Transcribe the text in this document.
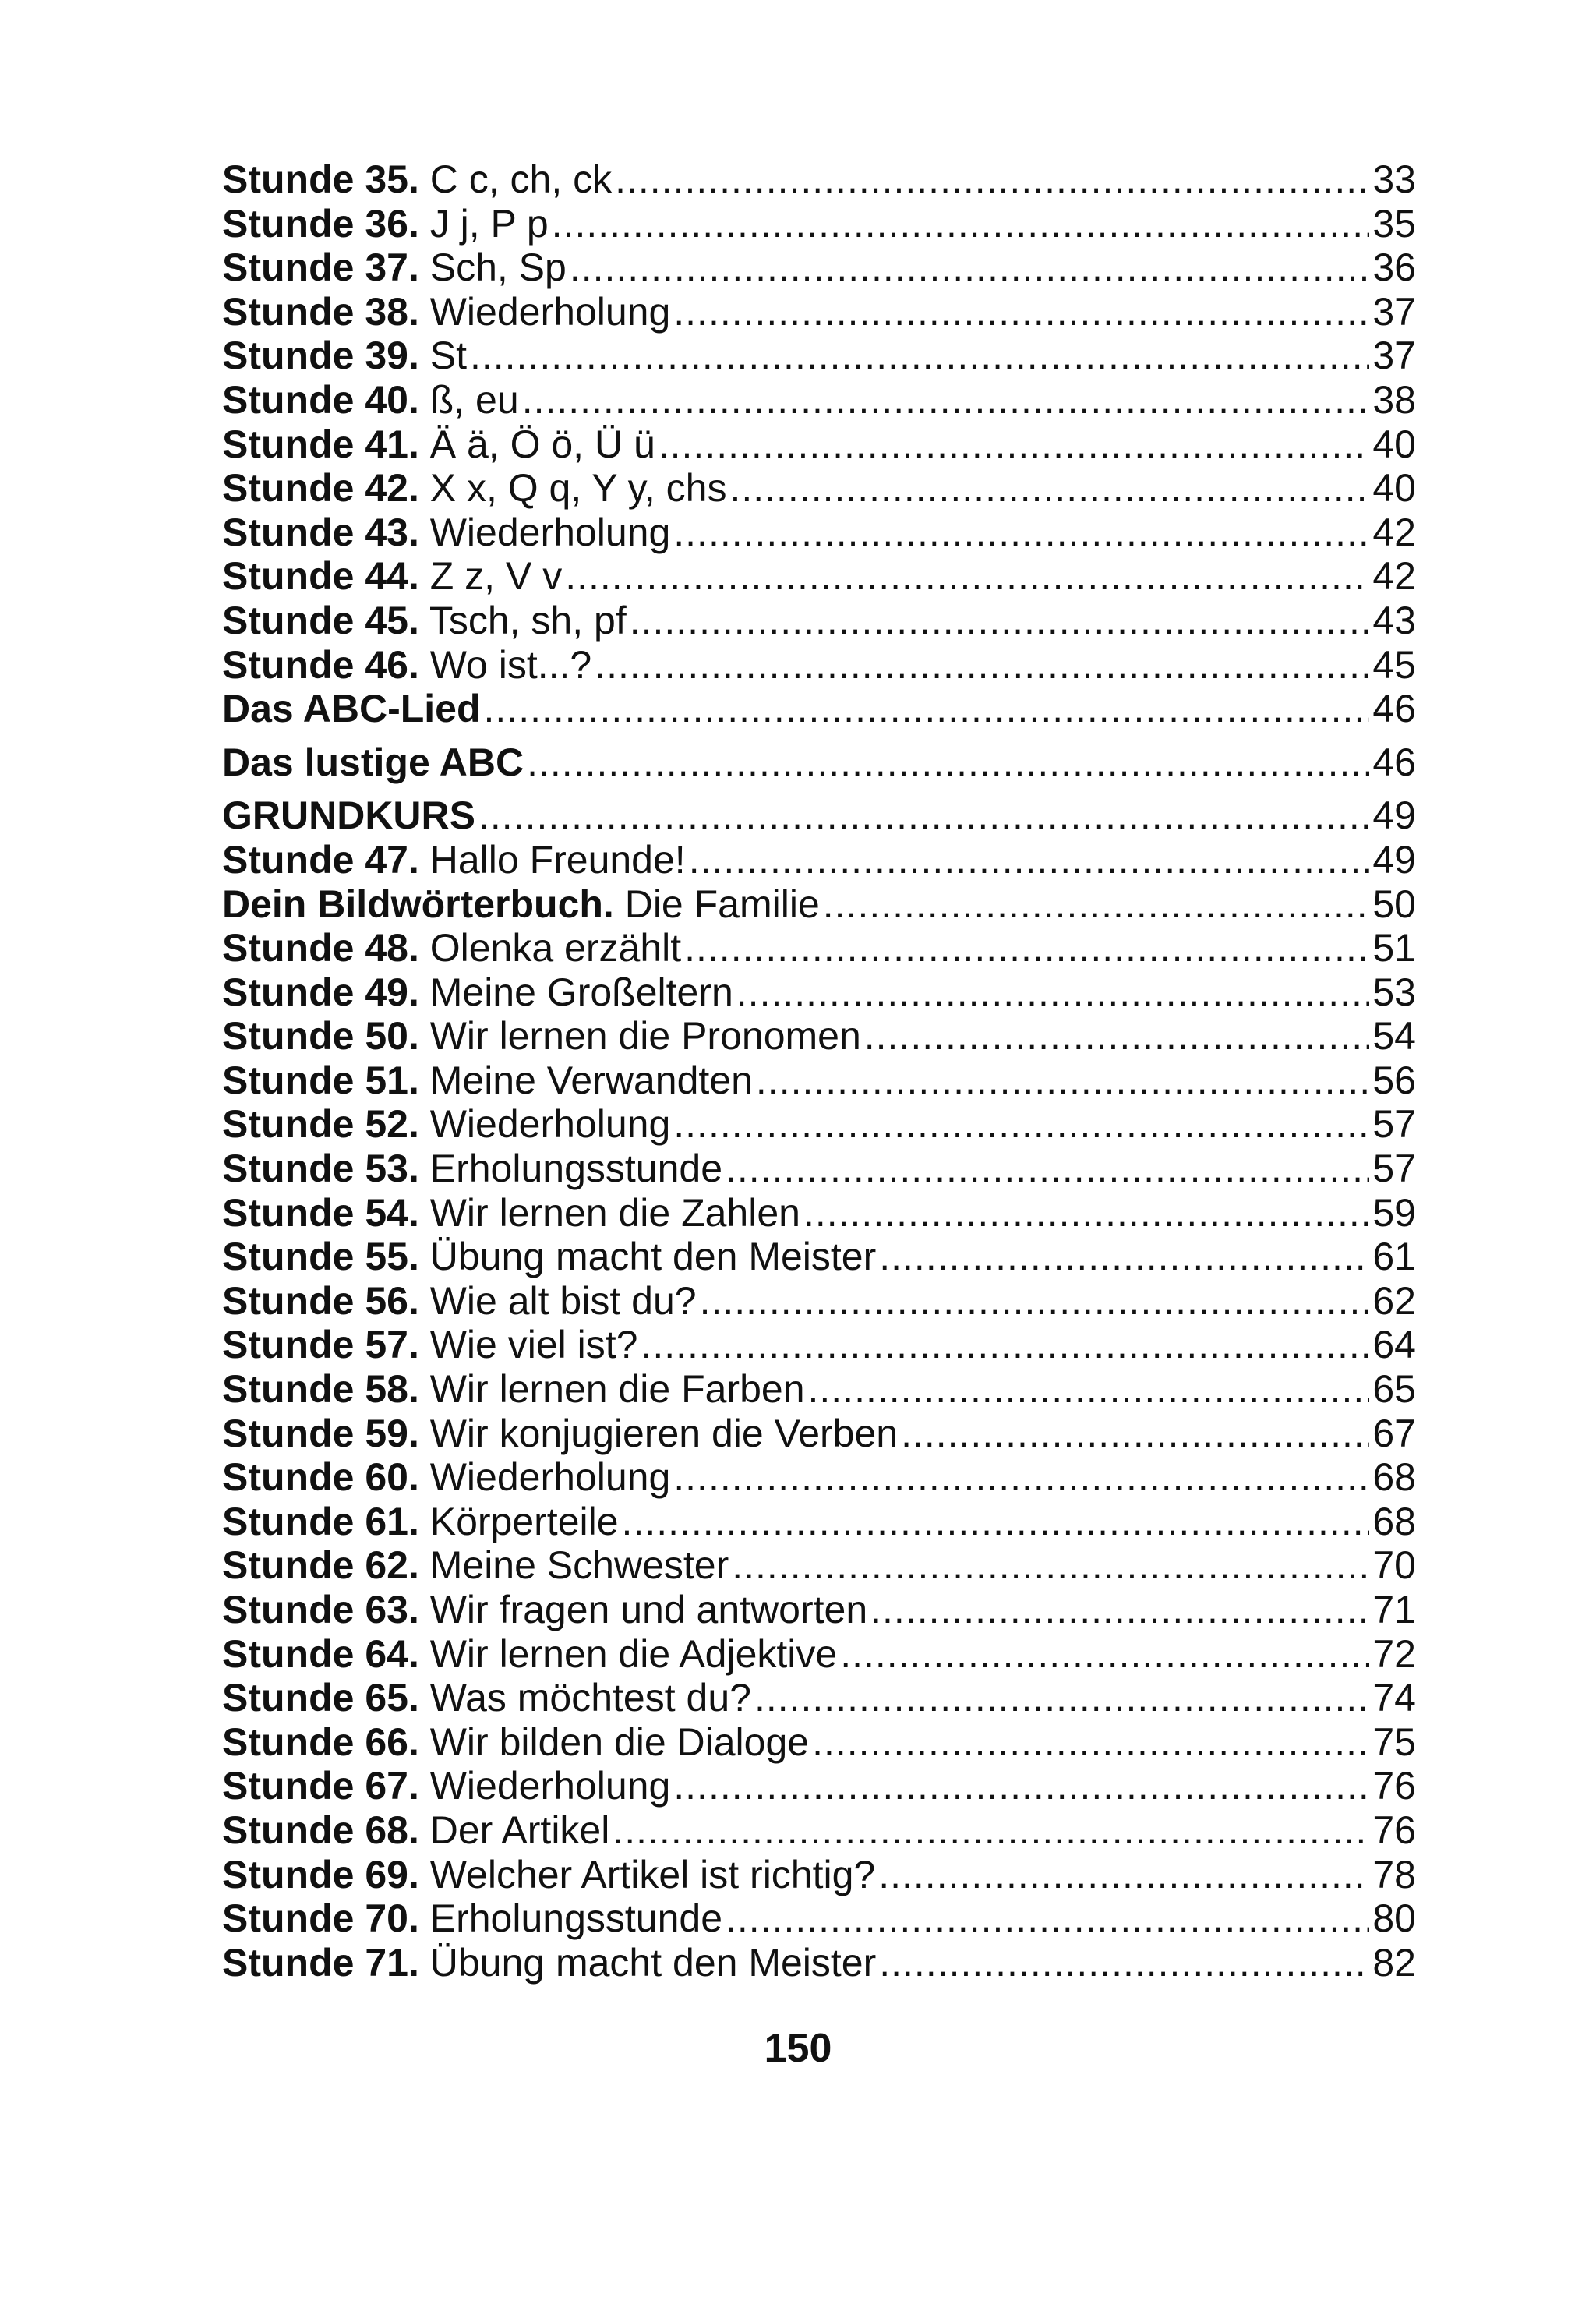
Stunde 35. C c, ch, ck .....	33
Stunde 36. J j, P p .....	35
Stunde 37. Sch, Sp .....	36
Stunde 38. Wiederholung .....	37
Stunde 39. St .....	37
Stunde 40. ß, eu .....	38
Stunde 41. Ä ä, Ö ö, Ü ü .....	40
Stunde 42. X x, Q q, Y y, chs .....	40
Stunde 43. Wiederholung .....	42
Stunde 44. Z z, V v .....	42
Stunde 45. Tsch, sh, pf .....	43
Stunde 46. Wo ist...? .....	45
Das ABC-Lied .....	46
Das lustige ABC .....	46
GRUNDKURS .....	49
Stunde 47. Hallo Freunde! .....	49
Dein Bildwörterbuch. Die Familie .....	50
Stunde 48. Olenka erzählt .....	51
Stunde 49. Meine Großeltern .....	53
Stunde 50. Wir lernen die Pronomen .....	54
Stunde 51. Meine Verwandten .....	56
Stunde 52. Wiederholung .....	57
Stunde 53. Erholungsstunde .....	57
Stunde 54. Wir lernen die Zahlen .....	59
Stunde 55. Übung macht den Meister .....	61
Stunde 56. Wie alt bist du? .....	62
Stunde 57. Wie viel ist? .....	64
Stunde 58. Wir lernen die Farben .....	65
Stunde 59. Wir konjugieren die Verben .....	67
Stunde 60. Wiederholung .....	68
Stunde 61. Körperteile .....	68
Stunde 62. Meine Schwester .....	70
Stunde 63. Wir fragen und antworten .....	71
Stunde 64. Wir lernen die Adjektive .....	72
Stunde 65. Was möchtest du? .....	74
Stunde 66. Wir bilden die Dialoge .....	75
Stunde 67. Wiederholung .....	76
Stunde 68. Der Artikel .....	76
Stunde 69. Welcher Artikel ist richtig? .....	78
Stunde 70. Erholungsstunde .....	80
Stunde 71. Übung macht den Meister .....	82
150
